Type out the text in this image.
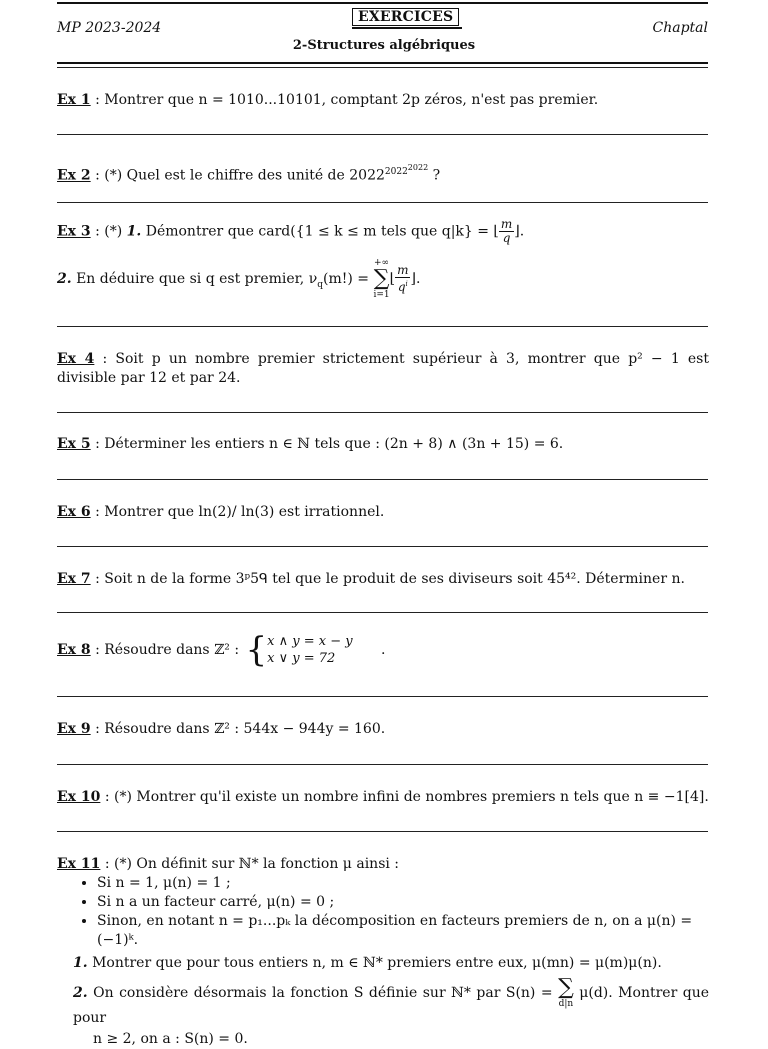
MP 2023-2024
EXERCICES
Chaptal
2-Structures algébriques
Ex 1 : Montrer que n = 1010...10101, comptant 2p zéros, n'est pas premier.
Ex 2 : (*) Quel est le chiffre des unité de $2022^{2022^{2022}}$ ?
Ex 3 : (*) 1. Démontrer que card({1 ≤ k ≤ m tels que q|k} = ⌊ $\frac{m}{q}$ ⌋.
2. En déduire que si q est premier, $\nu_q(m!)$ =
+∞
∑
i=1
⌊ $\frac{m}{q^i}$ ⌋.
Ex 4 : Soit p un nombre premier strictement supérieur à 3, montrer que p² − 1 est divisible par 12 et par 24.
Ex 5 : Déterminer les entiers n ∈ ℕ tels que : (2n + 8) ∧ (3n + 15) = 6.
Ex 6 : Montrer que ln(2)/ ln(3) est irrationnel.
Ex 7 : Soit n de la forme 3ᵖ5ᑫ tel que le produit de ses diviseurs soit 45⁴². Déterminer n.
Ex 8 : Résoudre dans ℤ² : { x ∧ y = x − y
x ∨ y = 72
.
Ex 9 : Résoudre dans ℤ² : 544x − 944y = 160.
Ex 10 : (*) Montrer qu'il existe un nombre infini de nombres premiers n tels que n ≡ −1[4].
Ex 11 : (*) On définit sur ℕ* la fonction μ ainsi :
• Si n = 1, μ(n) = 1 ;
• Si n a un facteur carré, μ(n) = 0 ;
• Sinon, en notant n = p₁...pₖ la décomposition en facteurs premiers de n, on a μ(n) = (−1)ᵏ.
1. Montrer que pour tous entiers n, m ∈ ℕ* premiers entre eux, μ(mn) = μ(m)μ(n).
2. On considère désormais la fonction S définie sur ℕ* par S(n) = ∑
d|n
μ(d). Montrer que pour
n ≥ 2, on a : S(n) = 0.
